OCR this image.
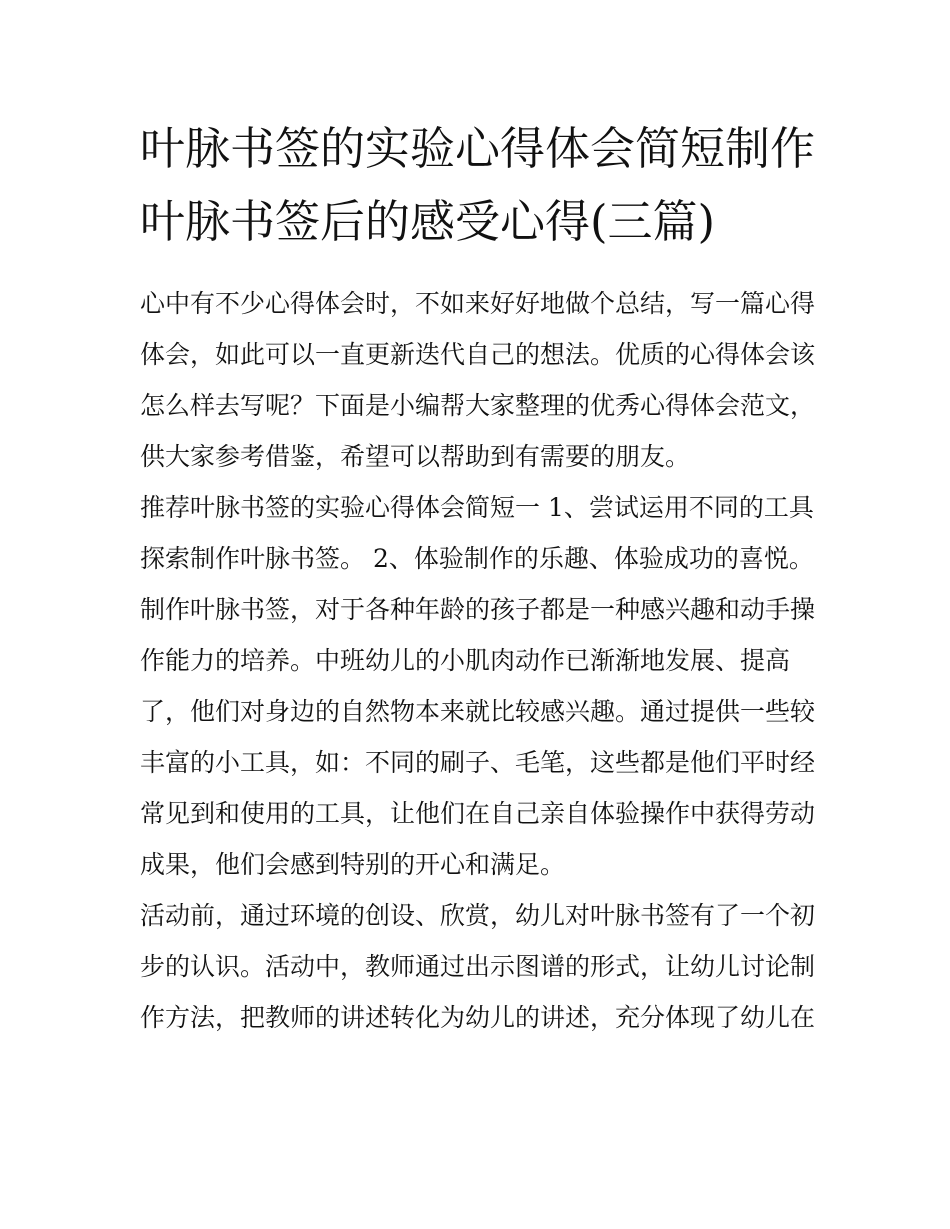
叶脉书签的实验心得体会简短制作叶脉书签后的感受心得(三篇)

心中有不少心得体会时，不如来好好地做个总结，写一篇心得体会，如此可以一直更新迭代自己的想法。优质的心得体会该怎么样去写呢？下面是小编帮大家整理的优秀心得体会范文，供大家参考借鉴，希望可以帮助到有需要的朋友。

推荐叶脉书签的实验心得体会简短一 1、尝试运用不同的工具探索制作叶脉书签。 2、体验制作的乐趣、体验成功的喜悦。制作叶脉书签，对于各种年龄的孩子都是一种感兴趣和动手操作能力的培养。中班幼儿的小肌肉动作已渐渐地发展、提高了，他们对身边的自然物本来就比较感兴趣。通过提供一些较丰富的小工具，如：不同的刷子、毛笔，这些都是他们平时经常见到和使用的工具，让他们在自己亲自体验操作中获得劳动成果，他们会感到特别的开心和满足。

活动前，通过环境的创设、欣赏，幼儿对叶脉书签有了一个初步的认识。活动中，教师通过出示图谱的形式，让幼儿讨论制作方法，把教师的讲述转化为幼儿的讲述，充分体现了幼儿在
